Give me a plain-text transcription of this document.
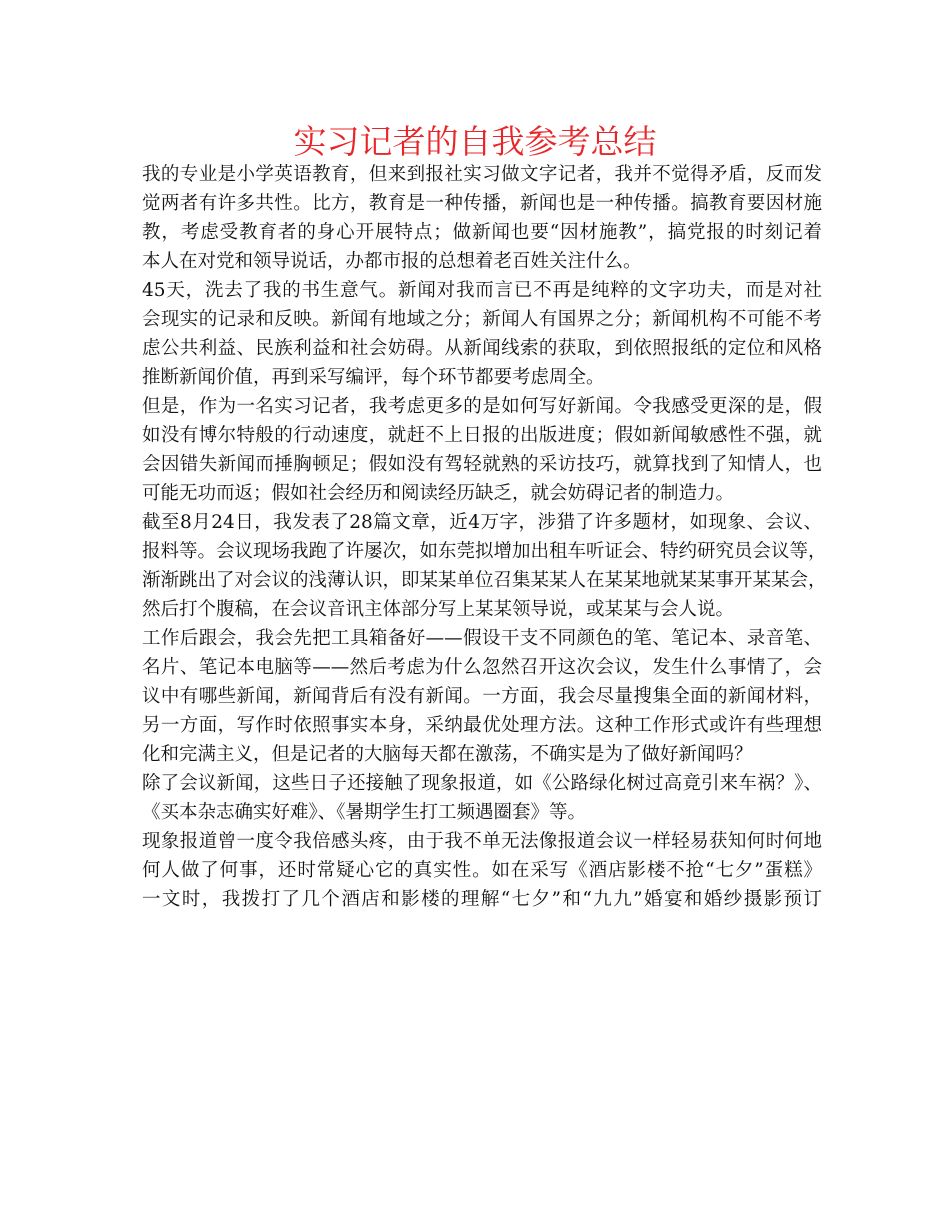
实习记者的自我参考总结
我的专业是小学英语教育，但来到报社实习做文字记者，我并不觉得矛盾，反而发
觉两者有许多共性。比方，教育是一种传播，新闻也是一种传播。搞教育要因材施
教，考虑受教育者的身心开展特点；做新闻也要“因材施教”，搞党报的时刻记着
本人在对党和领导说话，办都市报的总想着老百姓关注什么。
45天，洗去了我的书生意气。新闻对我而言已不再是纯粹的文字功夫，而是对社
会现实的记录和反映。新闻有地域之分；新闻人有国界之分；新闻机构不可能不考
虑公共利益、民族利益和社会妨碍。从新闻线索的获取，到依照报纸的定位和风格
推断新闻价值，再到采写编评，每个环节都要考虑周全。
但是，作为一名实习记者，我考虑更多的是如何写好新闻。令我感受更深的是，假
如没有博尔特般的行动速度，就赶不上日报的出版进度；假如新闻敏感性不强，就
会因错失新闻而捶胸顿足；假如没有驾轻就熟的采访技巧，就算找到了知情人，也
可能无功而返；假如社会经历和阅读经历缺乏，就会妨碍记者的制造力。
截至8月24日，我发表了28篇文章，近4万字，涉猎了许多题材，如现象、会议、
报料等。会议现场我跑了许屡次，如东莞拟增加出租车听证会、特约研究员会议等，
渐渐跳出了对会议的浅薄认识，即某某单位召集某某人在某某地就某某事开某某会，
然后打个腹稿，在会议音讯主体部分写上某某领导说，或某某与会人说。
工作后跟会，我会先把工具箱备好——假设干支不同颜色的笔、笔记本、录音笔、
名片、笔记本电脑等——然后考虑为什么忽然召开这次会议，发生什么事情了，会
议中有哪些新闻，新闻背后有没有新闻。一方面，我会尽量搜集全面的新闻材料，
另一方面，写作时依照事实本身，采纳最优处理方法。这种工作形式或许有些理想
化和完满主义，但是记者的大脑每天都在激荡，不确实是为了做好新闻吗？
除了会议新闻，这些日子还接触了现象报道，如《公路绿化树过高竟引来车祸？》、
《买本杂志确实好难》、《暑期学生打工频遇圈套》等。
现象报道曾一度令我倍感头疼，由于我不单无法像报道会议一样轻易获知何时何地
何人做了何事，还时常疑心它的真实性。如在采写《酒店影楼不抢“七夕”蛋糕》
一文时，我拨打了几个酒店和影楼的理解“七夕”和“九九”婚宴和婚纱摄影预订
